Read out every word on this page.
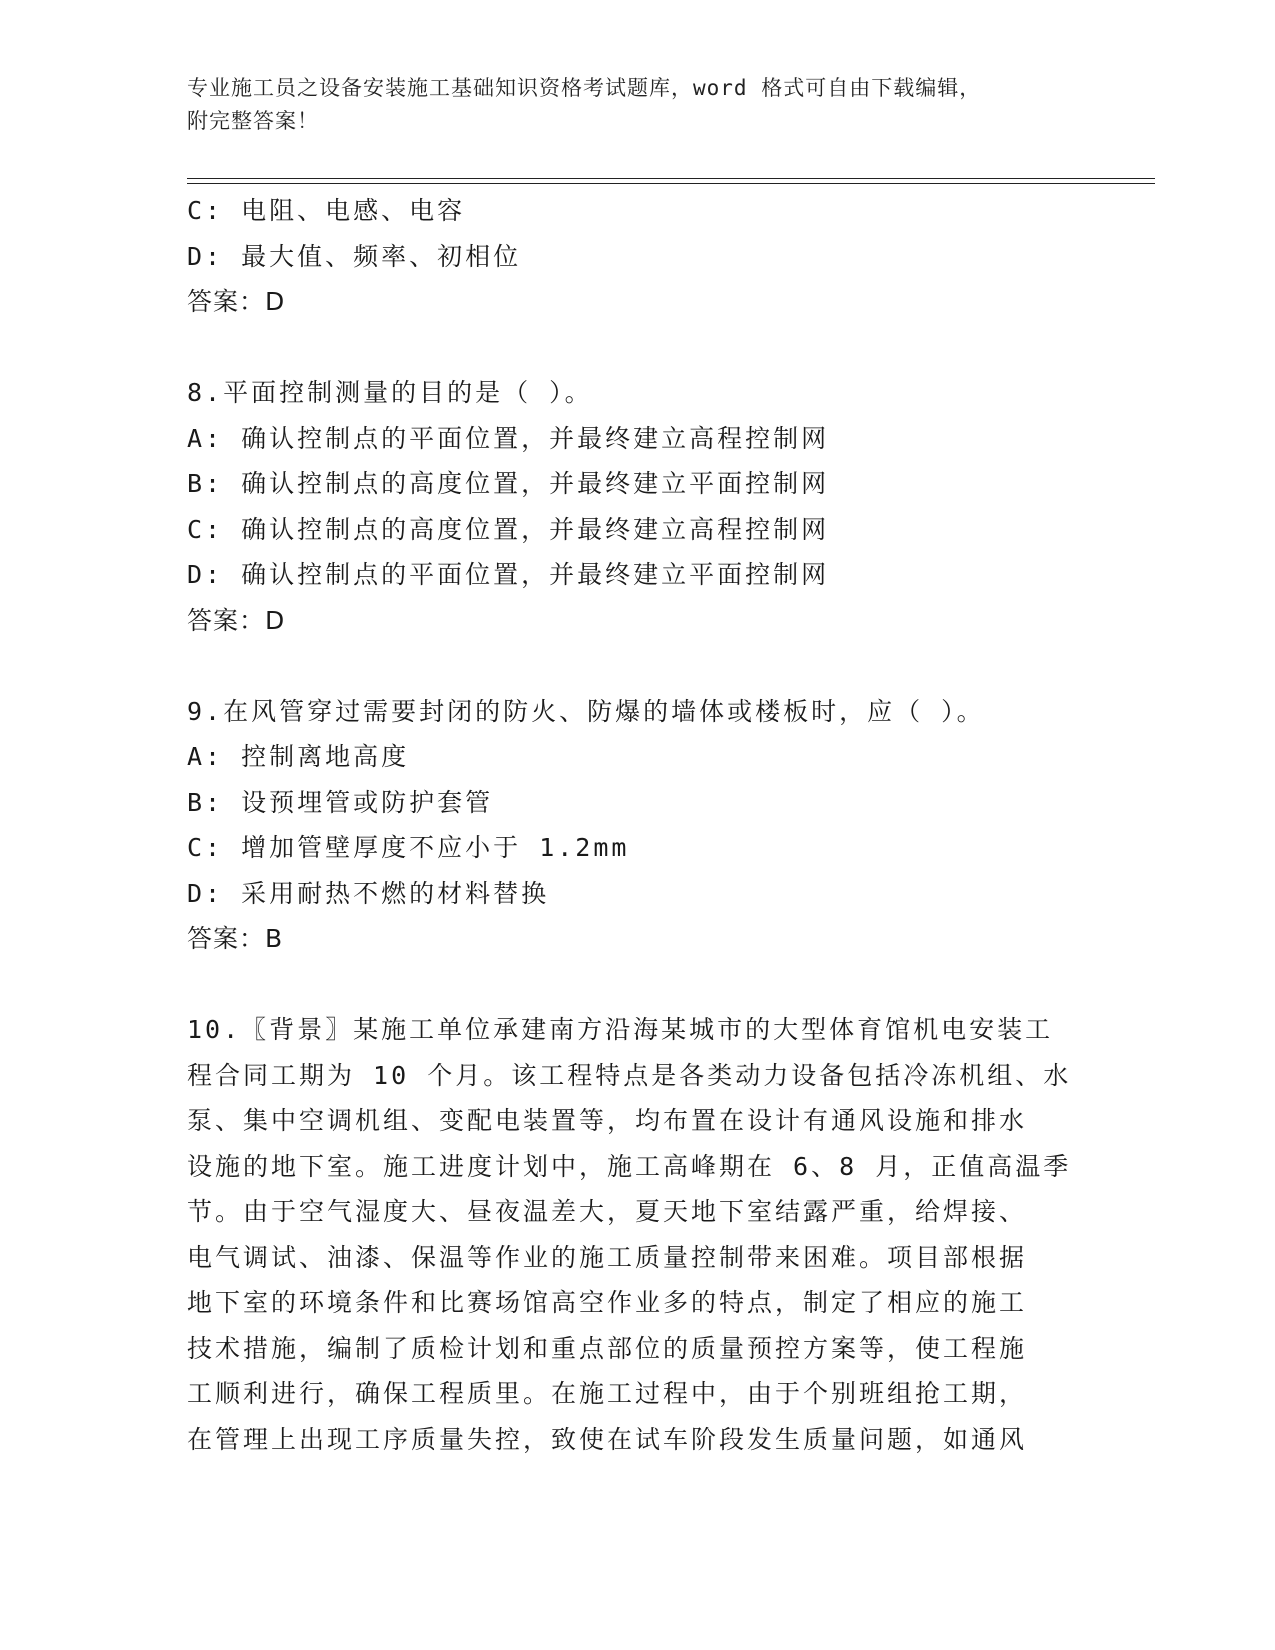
专业施工员之设备安装施工基础知识资格考试题库，word 格式可自由下载编辑，
附完整答案！
C: 电阻、电感、电容
D: 最大值、频率、初相位
答案：D
8.平面控制测量的目的是（ ）。
A: 确认控制点的平面位置，并最终建立高程控制网
B: 确认控制点的高度位置，并最终建立平面控制网
C: 确认控制点的高度位置，并最终建立高程控制网
D: 确认控制点的平面位置，并最终建立平面控制网
答案：D
9.在风管穿过需要封闭的防火、防爆的墙体或楼板时，应（ ）。
A: 控制离地高度
B: 设预埋管或防护套管
C: 增加管壁厚度不应小于 1.2mm
D: 采用耐热不燃的材料替换
答案：B
10.〖背景〗某施工单位承建南方沿海某城市的大型体育馆机电安装工
程合同工期为 10 个月。该工程特点是各类动力设备包括冷冻机组、水
泵、集中空调机组、变配电装置等，均布置在设计有通风设施和排水
设施的地下室。施工进度计划中，施工高峰期在 6、8 月，正值高温季
节。由于空气湿度大、昼夜温差大，夏天地下室结露严重，给焊接、
电气调试、油漆、保温等作业的施工质量控制带来困难。项目部根据
地下室的环境条件和比赛场馆高空作业多的特点，制定了相应的施工
技术措施，编制了质检计划和重点部位的质量预控方案等，使工程施
工顺利进行，确保工程质里。在施工过程中，由于个别班组抢工期，
在管理上出现工序质量失控，致使在试车阶段发生质量问题，如通风
